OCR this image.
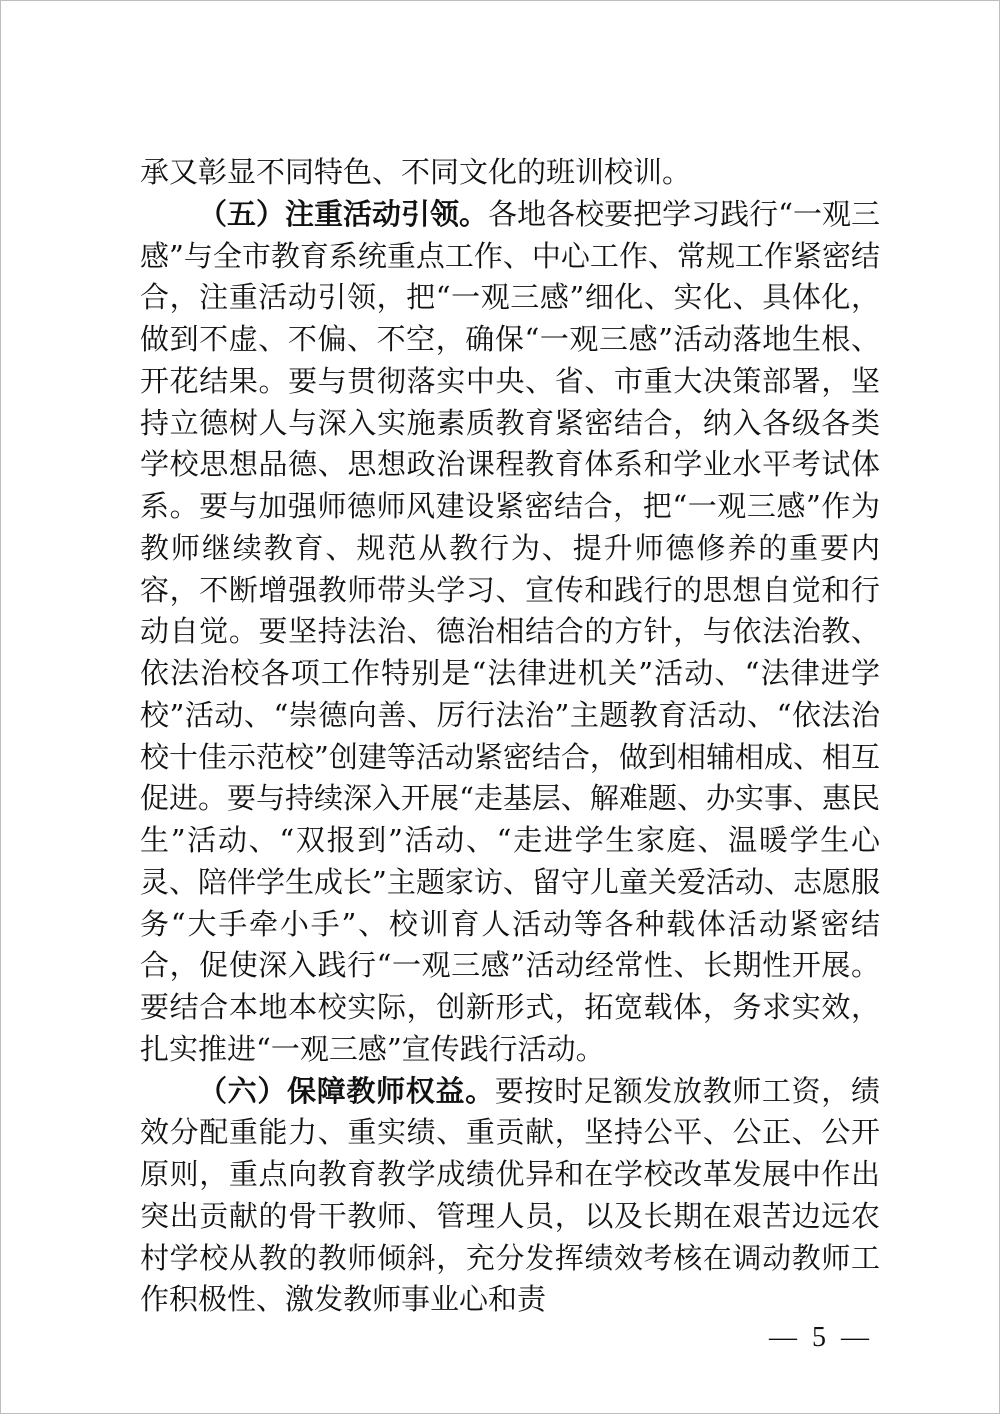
承又彰显不同特色、不同文化的班训校训。

（五）注重活动引领。各地各校要把学习践行“一观三感”与全市教育系统重点工作、中心工作、常规工作紧密结合，注重活动引领，把“一观三感”细化、实化、具体化，做到不虚、不偏、不空，确保“一观三感”活动落地生根、开花结果。要与贯彻落实中央、省、市重大决策部署，坚持立德树人与深入实施素质教育紧密结合，纳入各级各类学校思想品德、思想政治课程教育体系和学业水平考试体系。要与加强师德师风建设紧密结合，把“一观三感”作为教师继续教育、规范从教行为、提升师德修养的重要内容，不断增强教师带头学习、宣传和践行的思想自觉和行动自觉。要坚持法治、德治相结合的方针，与依法治教、依法治校各项工作特别是“法律进机关”活动、“法律进学校”活动、“崇德向善、厉行法治”主题教育活动、“依法治校十佳示范校”创建等活动紧密结合，做到相辅相成、相互促进。要与持续深入开展“走基层、解难题、办实事、惠民生”活动、“双报到”活动、“走进学生家庭、温暖学生心灵、陪伴学生成长”主题家访、留守儿童关爱活动、志愿服务“大手牵小手”、校训育人活动等各种载体活动紧密结合，促使深入践行“一观三感”活动经常性、长期性开展。要结合本地本校实际，创新形式，拓宽载体，务求实效，扎实推进“一观三感”宣传践行活动。

（六）保障教师权益。要按时足额发放教师工资，绩效分配重能力、重实绩、重贡献，坚持公平、公正、公开原则，重点向教育教学成绩优异和在学校改革发展中作出突出贡献的骨干教师、管理人员，以及长期在艰苦边远农村学校从教的教师倾斜，充分发挥绩效考核在调动教师工作积极性、激发教师事业心和责

— 5 —
